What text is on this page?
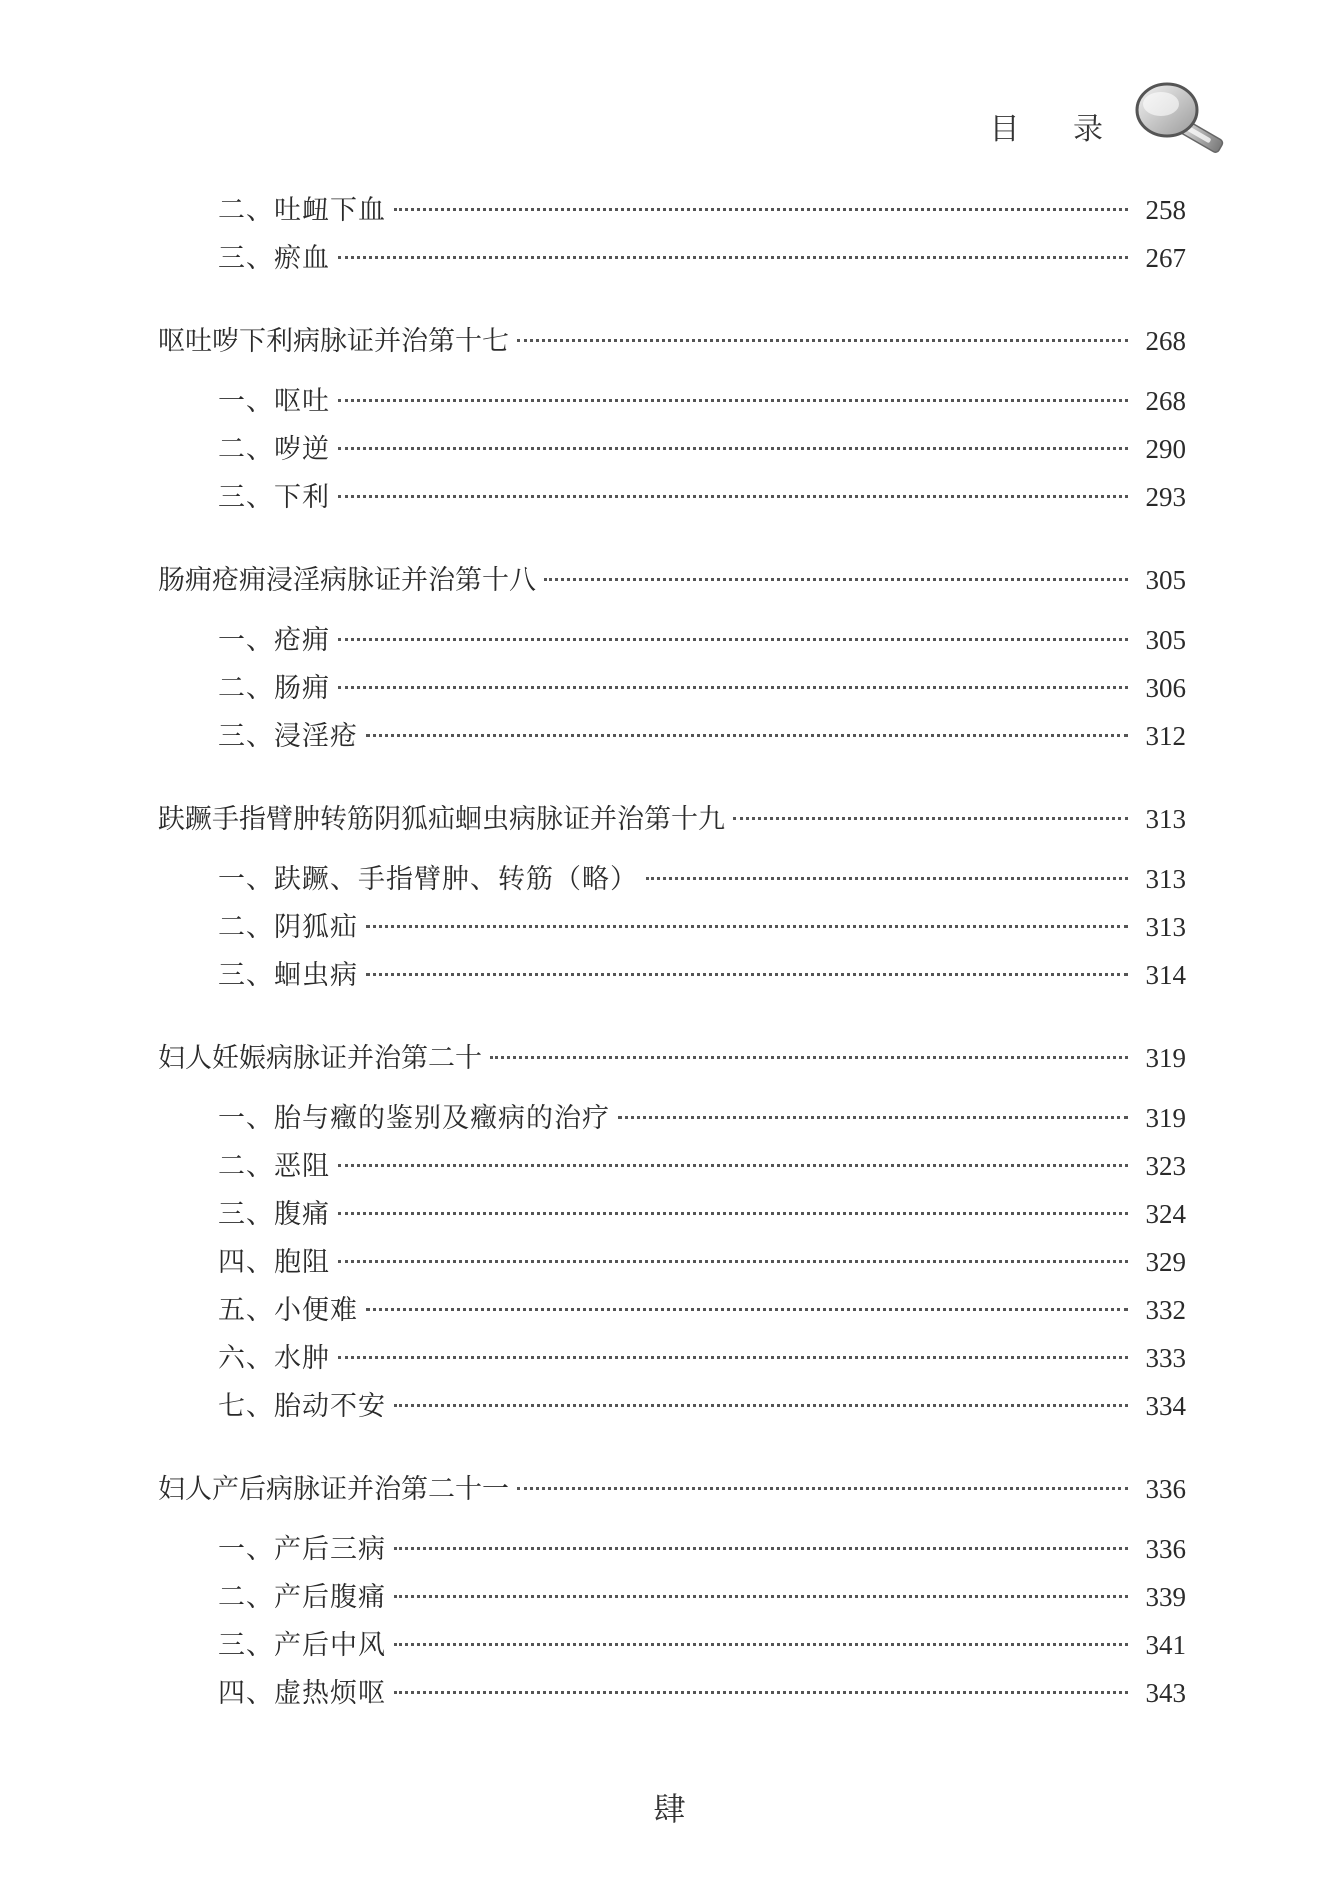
目 录
二、吐衄下血	258
三、瘀血	267
呕吐哕下利病脉证并治第十七	268
一、呕吐	268
二、哕逆	290
三、下利	293
肠痈疮痈浸淫病脉证并治第十八	305
一、疮痈	305
二、肠痈	306
三、浸淫疮	312
趺蹶手指臂肿转筋阴狐疝蛔虫病脉证并治第十九	313
一、趺蹶、手指臂肿、转筋（略）	313
二、阴狐疝	313
三、蛔虫病	314
妇人妊娠病脉证并治第二十	319
一、胎与癥的鉴别及癥病的治疗	319
二、恶阻	323
三、腹痛	324
四、胞阻	329
五、小便难	332
六、水肿	333
七、胎动不安	334
妇人产后病脉证并治第二十一	336
一、产后三病	336
二、产后腹痛	339
三、产后中风	341
四、虚热烦呕	343
肆
